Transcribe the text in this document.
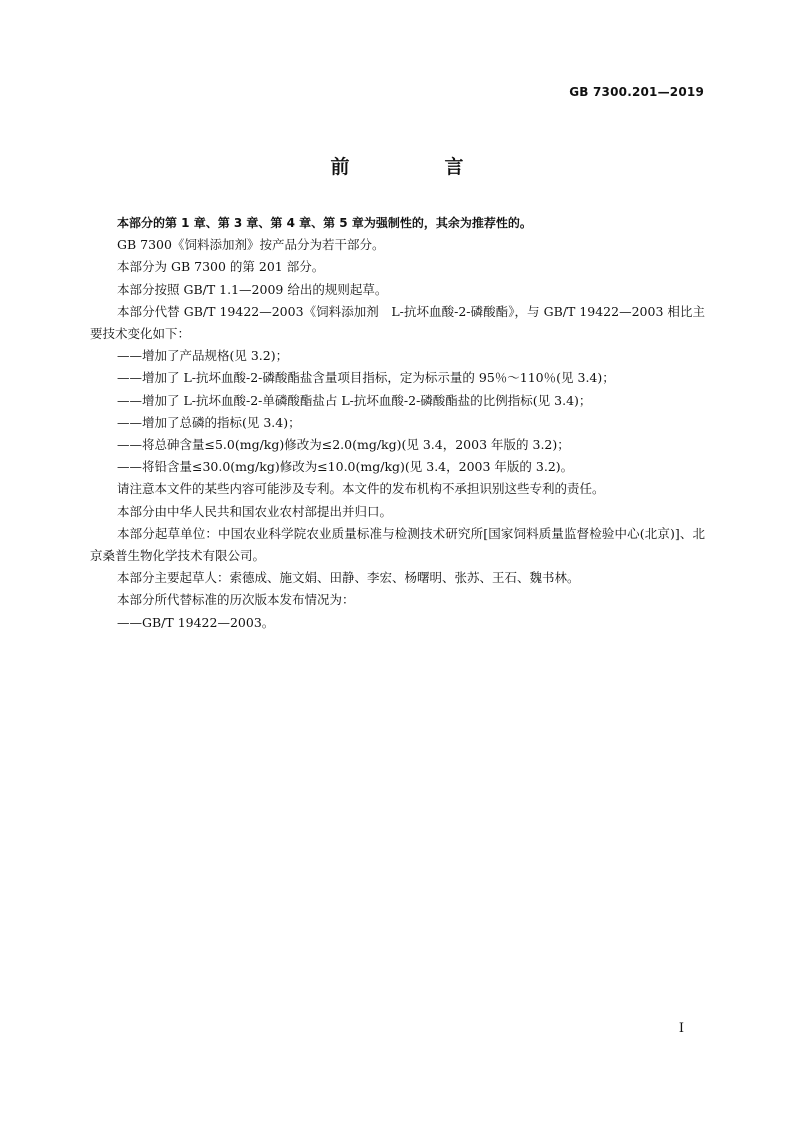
GB 7300.201—2019
前　言

本部分的第 1 章、第 3 章、第 4 章、第 5 章为强制性的，其余为推荐性的。

GB 7300《饲料添加剂》按产品分为若干部分。

本部分为 GB 7300 的第 201 部分。

本部分按照 GB/T 1.1—2009 给出的规则起草。

本部分代替 GB/T 19422—2003《饲料添加剂　L-抗坏血酸-2-磷酸酯》，与 GB/T 19422—2003 相比主要技术变化如下：

——增加了产品规格(见 3.2)；

——增加了 L-抗坏血酸-2-磷酸酯盐含量项目指标，定为标示量的 95％～110％(见 3.4)；

——增加了 L-抗坏血酸-2-单磷酸酯盐占 L-抗坏血酸-2-磷酸酯盐的比例指标(见 3.4)；

——增加了总磷的指标(见 3.4)；

——将总砷含量≤5.0(mg/kg)修改为≤2.0(mg/kg)(见 3.4，2003 年版的 3.2)；

——将铅含量≤30.0(mg/kg)修改为≤10.0(mg/kg)(见 3.4，2003 年版的 3.2)。

请注意本文件的某些内容可能涉及专利。本文件的发布机构不承担识别这些专利的责任。

本部分由中华人民共和国农业农村部提出并归口。

本部分起草单位：中国农业科学院农业质量标准与检测技术研究所[国家饲料质量监督检验中心(北京)]、北京桑普生物化学技术有限公司。

本部分主要起草人：索德成、施文娟、田静、李宏、杨曙明、张苏、王石、魏书林。

本部分所代替标准的历次版本发布情况为：

——GB/T 19422—2003。

I
